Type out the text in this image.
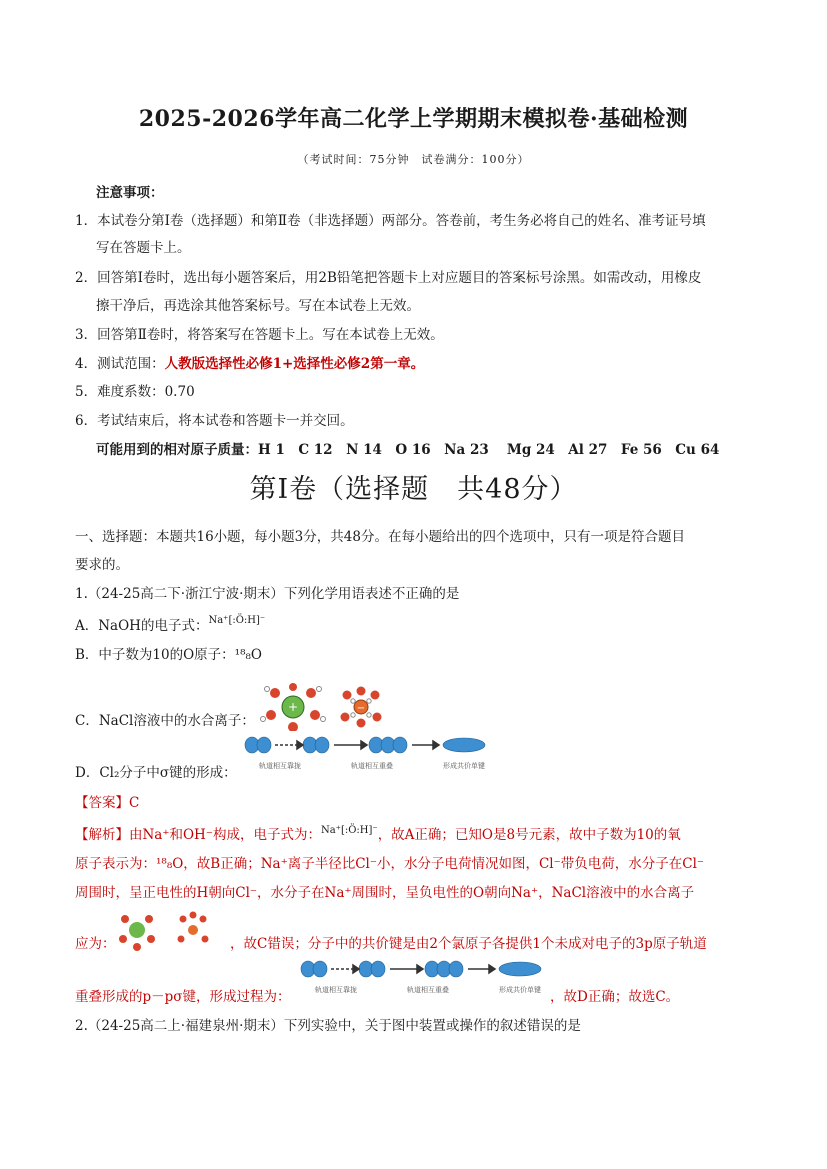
2025-2026学年高二化学上学期期末模拟卷·基础检测
（考试时间：75分钟　试卷满分：100分）
注意事项：
1．本试卷分第Ⅰ卷（选择题）和第Ⅱ卷（非选择题）两部分。答卷前，考生务必将自己的姓名、准考证号填
写在答题卡上。
2．回答第Ⅰ卷时，选出每小题答案后，用2B铅笔把答题卡上对应题目的答案标号涂黑。如需改动，用橡皮
擦干净后，再选涂其他答案标号。写在本试卷上无效。
3．回答第Ⅱ卷时，将答案写在答题卡上。写在本试卷上无效。
4．测试范围：人教版选择性必修1+选择性必修2第一章。
5．难度系数：0.70
6．考试结束后，将本试卷和答题卡一并交回。
可能用到的相对原子质量：H 1　C 12　N 14　O 16　Na 23　 Mg 24　Al 27　Fe 56　Cu 64
第Ⅰ卷（选择题　共48分）
一、选择题：本题共16小题，每小题3分，共48分。在每小题给出的四个选项中，只有一项是符合题目
要求的。
1.（24-25高二下·浙江宁波·期末）下列化学用语表述不正确的是
A．NaOH的电子式：$^{Na^+[:Ö:H]^-}$
B．中子数为10的O原子：¹⁸₈O
+	−
C．NaCl溶液中的水合离子：
轨道相互靠拢	轨道相互重叠	形成共价单键
D．Cl₂分子中σ键的形成：
【答案】C
【解析】由Na⁺和OH⁻构成，电子式为：$^{Na^+[:Ö:H]^-}$，故A正确；已知O是8号元素，故中子数为10的氧
原子表示为：¹⁸₈O，故B正确；Na⁺离子半径比Cl⁻小，水分子电荷情况如图，Cl⁻带负电荷，水分子在Cl⁻
周围时，呈正电性的H朝向Cl⁻，水分子在Na⁺周围时，呈负电性的O朝向Na⁺，NaCl溶液中的水合离子
应为：	，故C错误；分子中的共价键是由2个氯原子各提供1个未成对电子的3p原子轨道
轨道相互靠拢	轨道相互重叠	形成共价单键
重叠形成的p－pσ键，形成过程为：	，故D正确；故选C。
2.（24-25高二上·福建泉州·期末）下列实验中，关于图中装置或操作的叙述错误的是
